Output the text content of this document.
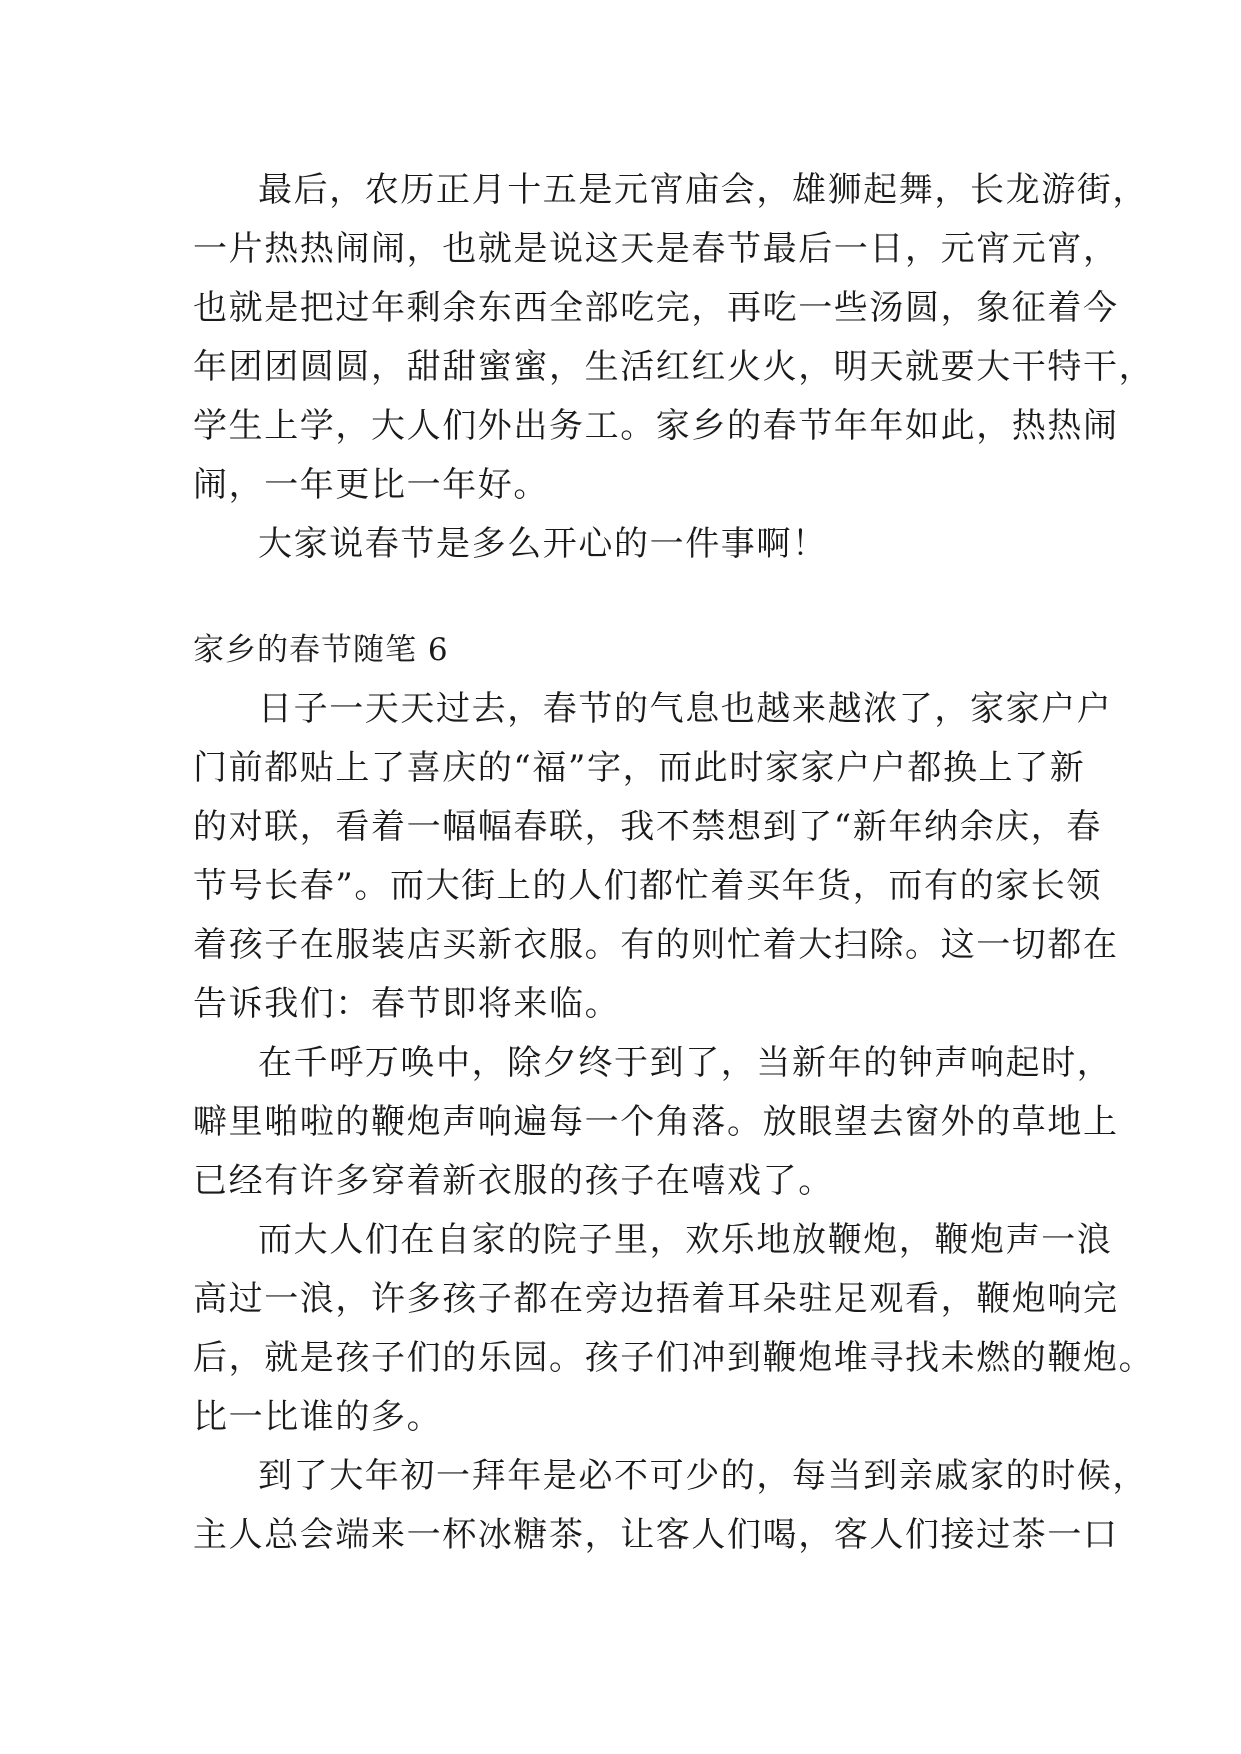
最后，农历正月十五是元宵庙会，雄狮起舞，长龙游街，
一片热热闹闹，也就是说这天是春节最后一日，元宵元宵，
也就是把过年剩余东西全部吃完，再吃一些汤圆，象征着今
年团团圆圆，甜甜蜜蜜，生活红红火火，明天就要大干特干，
学生上学，大人们外出务工。家乡的春节年年如此，热热闹
闹，一年更比一年好。
大家说春节是多么开心的一件事啊！
家乡的春节随笔 6
日子一天天过去，春节的气息也越来越浓了，家家户户
门前都贴上了喜庆的“福”字，而此时家家户户都换上了新
的对联，看着一幅幅春联，我不禁想到了“新年纳余庆，春
节号长春”。而大街上的人们都忙着买年货，而有的家长领
着孩子在服装店买新衣服。有的则忙着大扫除。这一切都在
告诉我们：春节即将来临。
在千呼万唤中，除夕终于到了，当新年的钟声响起时，
噼里啪啦的鞭炮声响遍每一个角落。放眼望去窗外的草地上
已经有许多穿着新衣服的孩子在嘻戏了。
而大人们在自家的院子里，欢乐地放鞭炮，鞭炮声一浪
高过一浪，许多孩子都在旁边捂着耳朵驻足观看，鞭炮响完
后，就是孩子们的乐园。孩子们冲到鞭炮堆寻找未燃的鞭炮。
比一比谁的多。
到了大年初一拜年是必不可少的，每当到亲戚家的时候，
主人总会端来一杯冰糖茶，让客人们喝，客人们接过茶一口
